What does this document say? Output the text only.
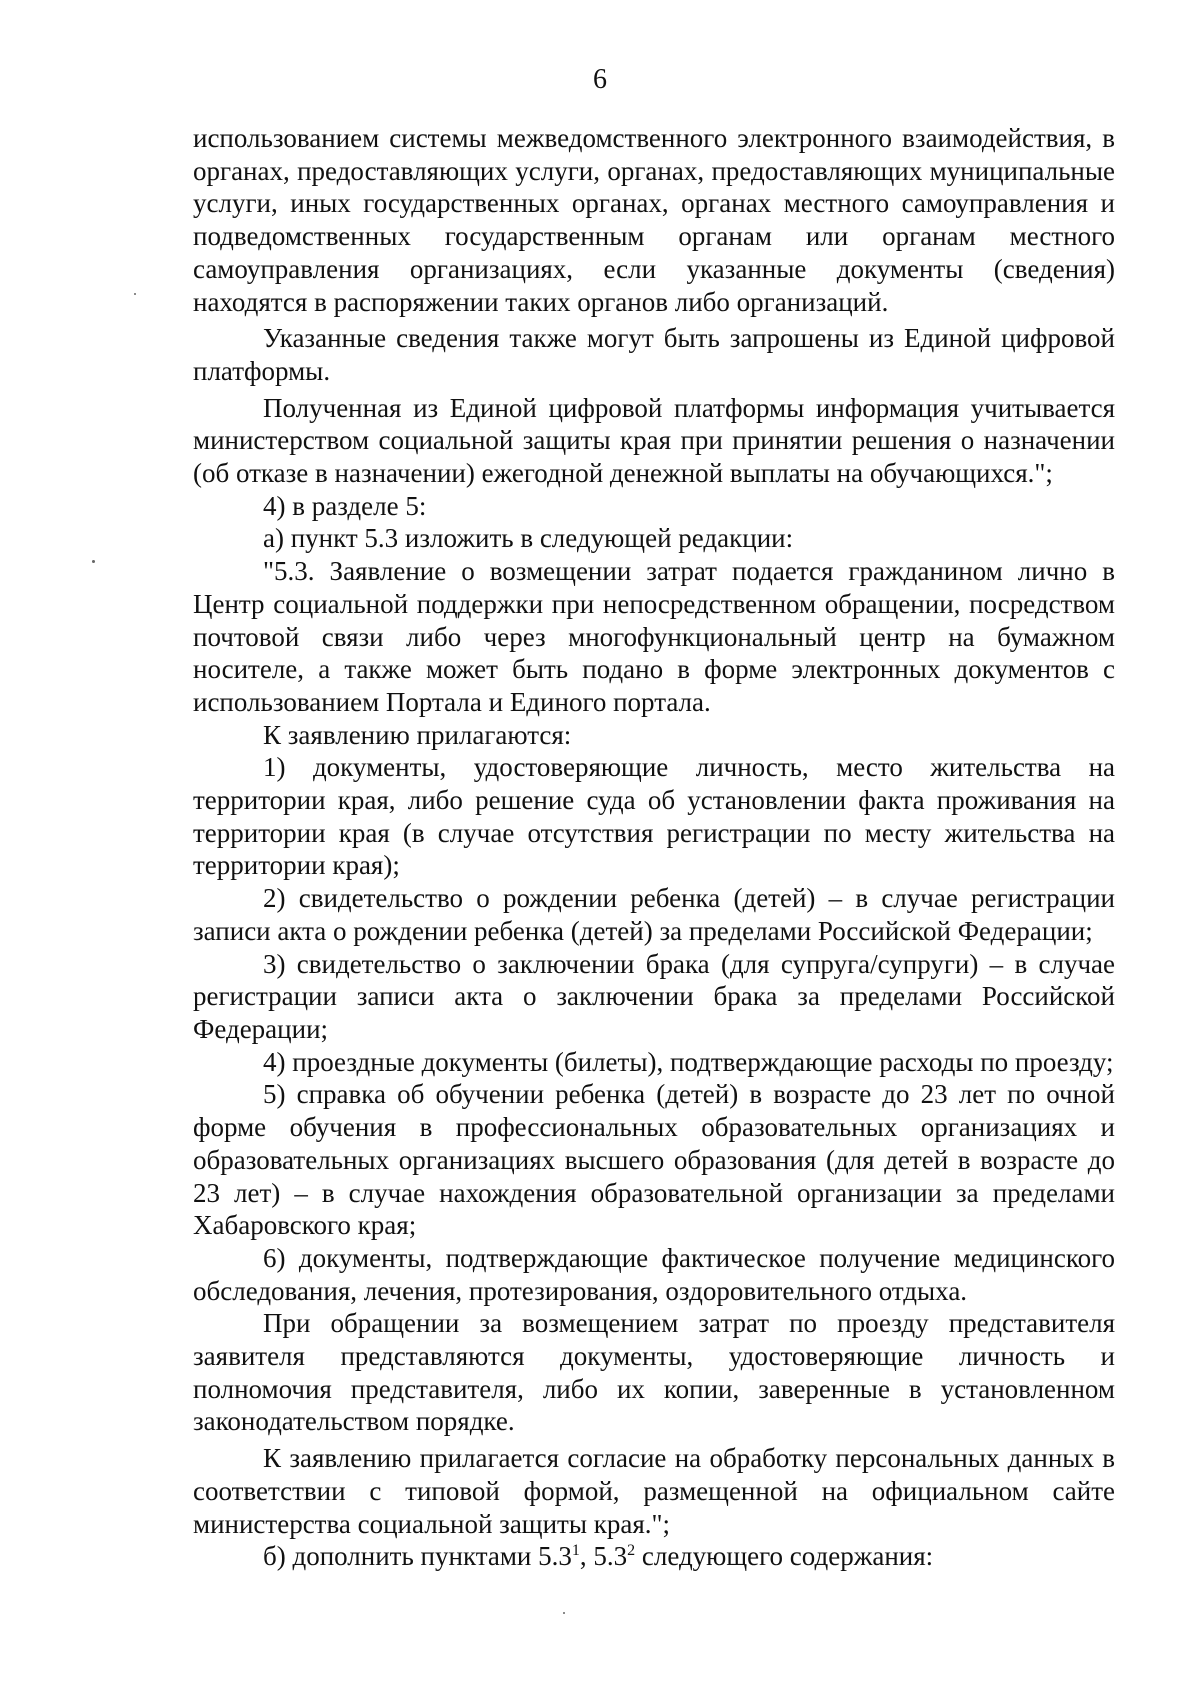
6

использованием системы межведомственного электронного взаимодействия, в органах, предоставляющих услуги, органах, предоставляющих муниципальные услуги, иных государственных органах, органах местного самоуправления и подведомственных государственным органам или органам местного самоуправления организациях, если указанные документы (сведения) находятся в распоряжении таких органов либо организаций.

Указанные сведения также могут быть запрошены из Единой цифровой платформы.

Полученная из Единой цифровой платформы информация учитывается министерством социальной защиты края при принятии решения о назначении (об отказе в назначении) ежегодной денежной выплаты на обучающихся.";

4) в разделе 5:

а) пункт 5.3 изложить в следующей редакции:

"5.3. Заявление о возмещении затрат подается гражданином лично в Центр социальной поддержки при непосредственном обращении, посредством почтовой связи либо через многофункциональный центр на бумажном носителе, а также может быть подано в форме электронных документов с использованием Портала и Единого портала.

К заявлению прилагаются:

1) документы, удостоверяющие личность, место жительства на территории края, либо решение суда об установлении факта проживания на территории края (в случае отсутствия регистрации по месту жительства на территории края);

2) свидетельство о рождении ребенка (детей) – в случае регистрации записи акта о рождении ребенка (детей) за пределами Российской Федерации;

3) свидетельство о заключении брака (для супруга/супруги) – в случае регистрации записи акта о заключении брака за пределами Российской Федерации;

4) проездные документы (билеты), подтверждающие расходы по проезду;

5) справка об обучении ребенка (детей) в возрасте до 23 лет по очной форме обучения в профессиональных образовательных организациях и образовательных организациях высшего образования (для детей в возрасте до 23 лет) – в случае нахождения образовательной организации за пределами Хабаровского края;

6) документы, подтверждающие фактическое получение медицинского обследования, лечения, протезирования, оздоровительного отдыха.

При обращении за возмещением затрат по проезду представителя заявителя представляются документы, удостоверяющие личность и полномочия представителя, либо их копии, заверенные в установленном законодательством порядке.

К заявлению прилагается согласие на обработку персональных данных в соответствии с типовой формой, размещенной на официальном сайте министерства социальной защиты края.";

б) дополнить пунктами $5.3^1$, $5.3^2$ следующего содержания:
